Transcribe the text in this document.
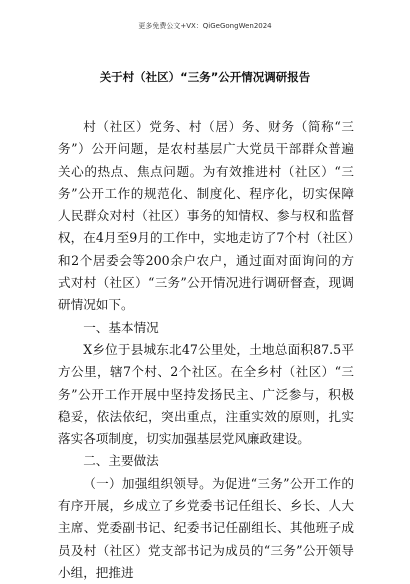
更多免费公文+VX：QiGeGongWen2024
关于村（社区）“三务”公开情况调研报告

村（社区）党务、村（居）务、财务（简称“三务”）公开问题，是农村基层广大党员干部群众普遍关心的热点、焦点问题。为有效推进村（社区）“三务”公开工作的规范化、制度化、程序化，切实保障人民群众对村（社区）事务的知情权、参与权和监督权，在4月至9月的工作中，实地走访了7个村（社区）和2个居委会等200余户农户，通过面对面询问的方式对村（社区）“三务”公开情况进行调研督查，现调研情况如下。

一、基本情况

X乡位于县城东北47公里处，土地总面积87.5平方公里，辖7个村、2个社区。在全乡村（社区）“三务”公开工作开展中坚持发扬民主、广泛参与，积极稳妥，依法依纪，突出重点，注重实效的原则，扎实落实各项制度，切实加强基层党风廉政建设。

二、主要做法

（一）加强组织领导。为促进“三务”公开工作的有序开展，乡成立了乡党委书记任组长、乡长、人大主席、党委副书记、纪委书记任副组长、其他班子成员及村（社区）党支部书记为成员的“三务”公开领导小组，把推进
